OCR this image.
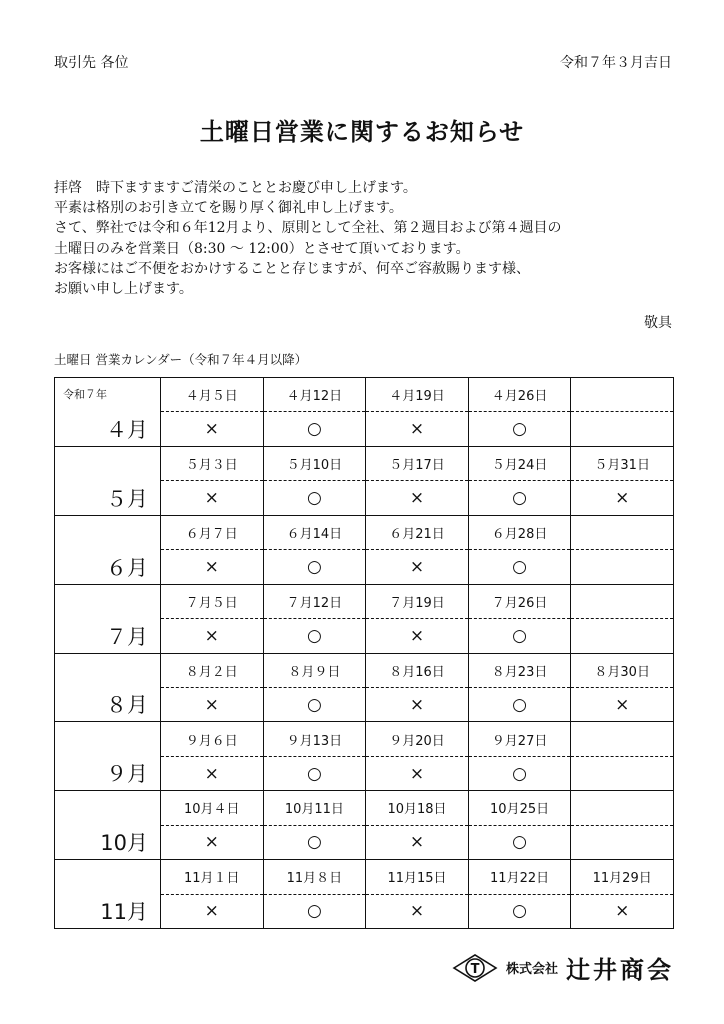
取引先 各位	令和７年３月吉日
土曜日営業に関するお知らせ

拝啓　時下ますますご清栄のこととお慶び申し上げます。

平素は格別のお引き立てを賜り厚く御礼申し上げます。

さて、弊社では令和６年12月より、原則として全社、第２週目および第４週目の

土曜日のみを営業日（8:30 ～ 12:00）とさせて頂いております。

お客様にはご不便をおかけすることと存じますが、何卒ご容赦賜ります様、

お願い申し上げます。

敬具
土曜日 営業カレンダー（令和７年４月以降）
令和７年
４月	４月５日	４月12日	４月19日	４月26日	
	×	○	×	○	

５月	５月３日	５月10日	５月17日	５月24日	５月31日
	×	○	×	○	×

６月	６月７日	６月14日	６月21日	６月28日	
	×	○	×	○	

７月	７月５日	７月12日	７月19日	７月26日	
	×	○	×	○	

８月	８月２日	８月９日	８月16日	８月23日	８月30日
	×	○	×	○	×

９月	９月６日	９月13日	９月20日	９月27日	
	×	○	×	○	

10月	10月４日	10月11日	10月18日	10月25日	
	×	○	×	○	

11月	11月１日	11月８日	11月15日	11月22日	11月29日
	×	○	×	○	×
T 株式会社 辻井商会
